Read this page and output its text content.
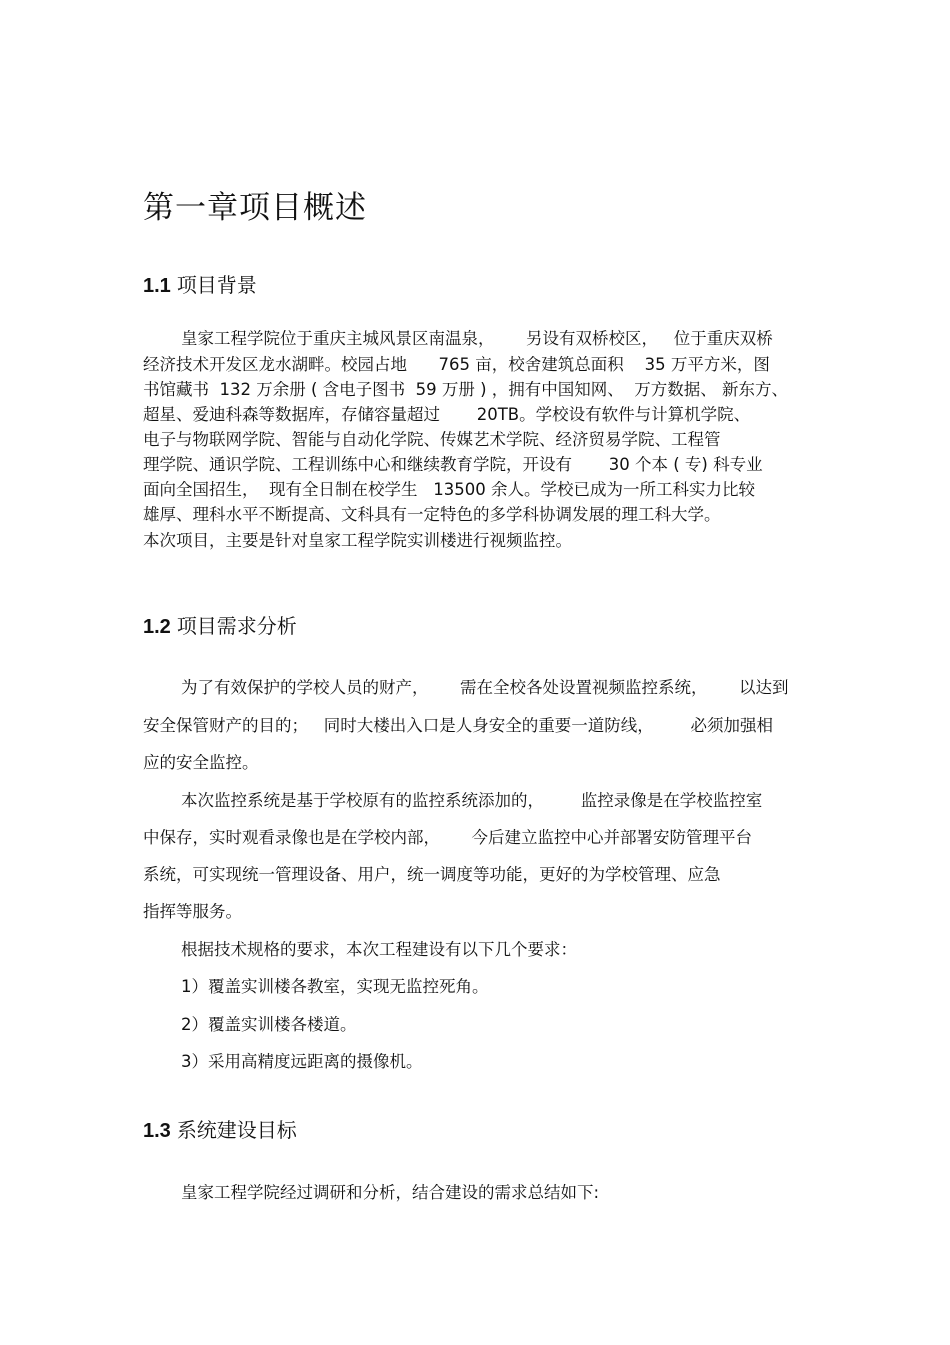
第一章项目概述
1.1 项目背景

皇家工程学院位于重庆主城风景区南温泉，      另设有双桥校区，   位于重庆双桥

经济技术开发区龙水湖畔。校园占地      765 亩，校舍建筑总面积    35 万平方米，图

书馆藏书  132 万余册 ( 含电子图书  59 万册 ) ，拥有中国知网、  万方数据、 新东方、

超星、爱迪科森等数据库，存储容量超过       20TB。学校设有软件与计算机学院、

电子与物联网学院、智能与自动化学院、传媒艺术学院、经济贸易学院、工程管

理学院、通识学院、工程训练中心和继续教育学院，开设有       30 个本 ( 专) 科专业

面向全国招生，  现有全日制在校学生   13500 余人。学校已成为一所工科实力比较

雄厚、理科水平不断提高、文科具有一定特色的多学科协调发展的理工科大学。

本次项目，主要是针对皇家工程学院实训楼进行视频监控。

1.2 项目需求分析

为了有效保护的学校人员的财产，      需在全校各处设置视频监控系统，      以达到

安全保管财产的目的；   同时大楼出入口是人身安全的重要一道防线，       必须加强相

应的安全监控。

本次监控系统是基于学校原有的监控系统添加的，       监控录像是在学校监控室

中保存，实时观看录像也是在学校内部，      今后建立监控中心并部署安防管理平台

系统，可实现统一管理设备、用户，统一调度等功能，更好的为学校管理、应急

指挥等服务。

根据技术规格的要求，本次工程建设有以下几个要求：

1）覆盖实训楼各教室，实现无监控死角。

2）覆盖实训楼各楼道。

3）采用高精度远距离的摄像机。

1.3 系统建设目标

皇家工程学院经过调研和分析，结合建设的需求总结如下:
